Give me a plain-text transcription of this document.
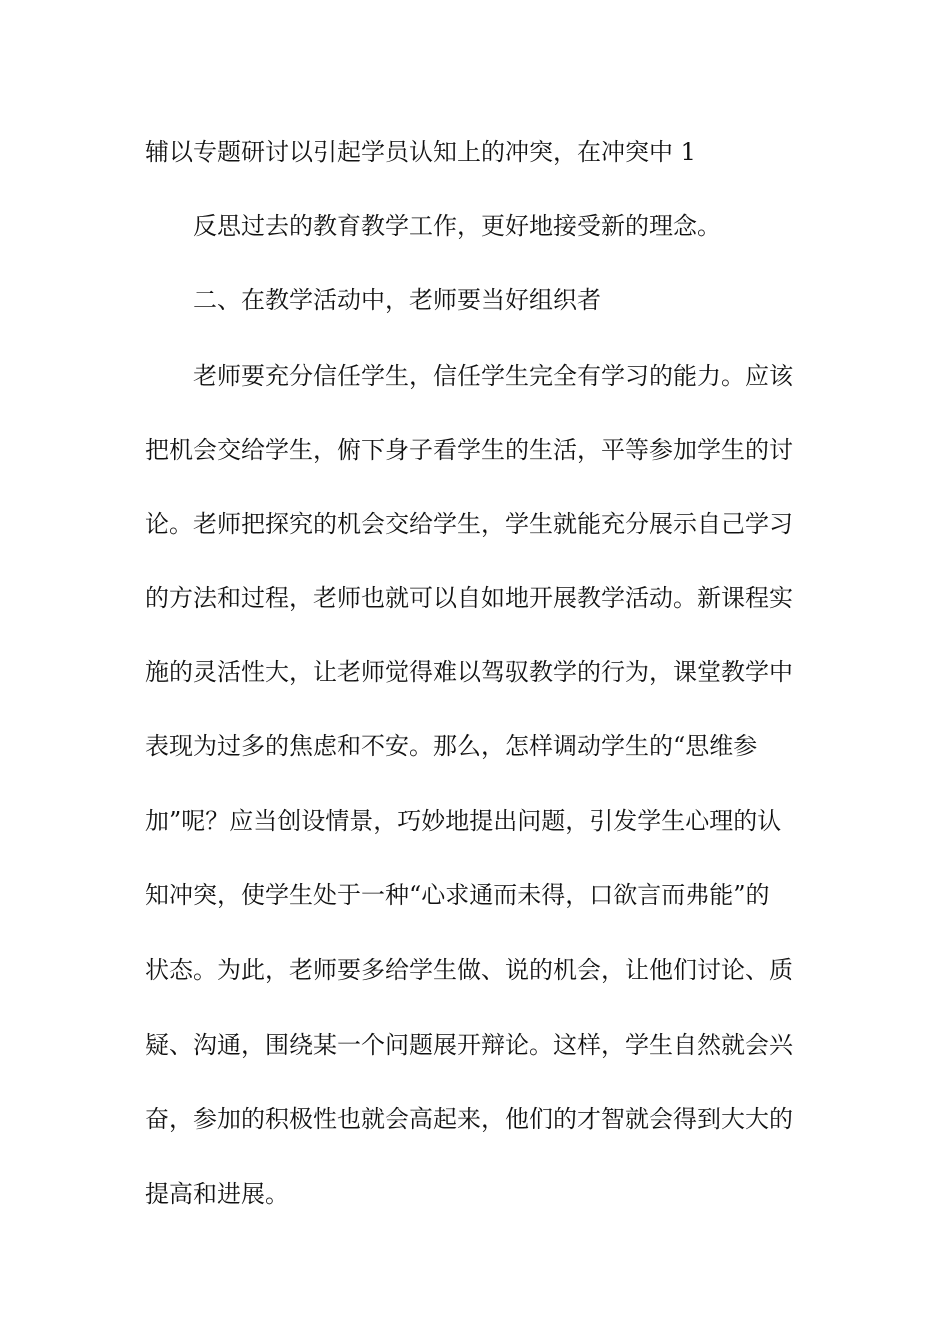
辅以专题研讨以引起学员认知上的冲突，在冲突中 1
反思过去的教育教学工作，更好地接受新的理念。
二、在教学活动中，老师要当好组织者
老师要充分信任学生，信任学生完全有学习的能力。应该
把机会交给学生，俯下身子看学生的生活，平等参加学生的讨
论。老师把探究的机会交给学生，学生就能充分展示自己学习
的方法和过程，老师也就可以自如地开展教学活动。新课程实
施的灵活性大，让老师觉得难以驾驭教学的行为，课堂教学中
表现为过多的焦虑和不安。那么，怎样调动学生的“思维参
加”呢？应当创设情景，巧妙地提出问题，引发学生心理的认
知冲突，使学生处于一种“心求通而未得，口欲言而弗能”的
状态。为此，老师要多给学生做、说的机会，让他们讨论、质
疑、沟通，围绕某一个问题展开辩论。这样，学生自然就会兴
奋，参加的积极性也就会高起来，他们的才智就会得到大大的
提高和进展。
